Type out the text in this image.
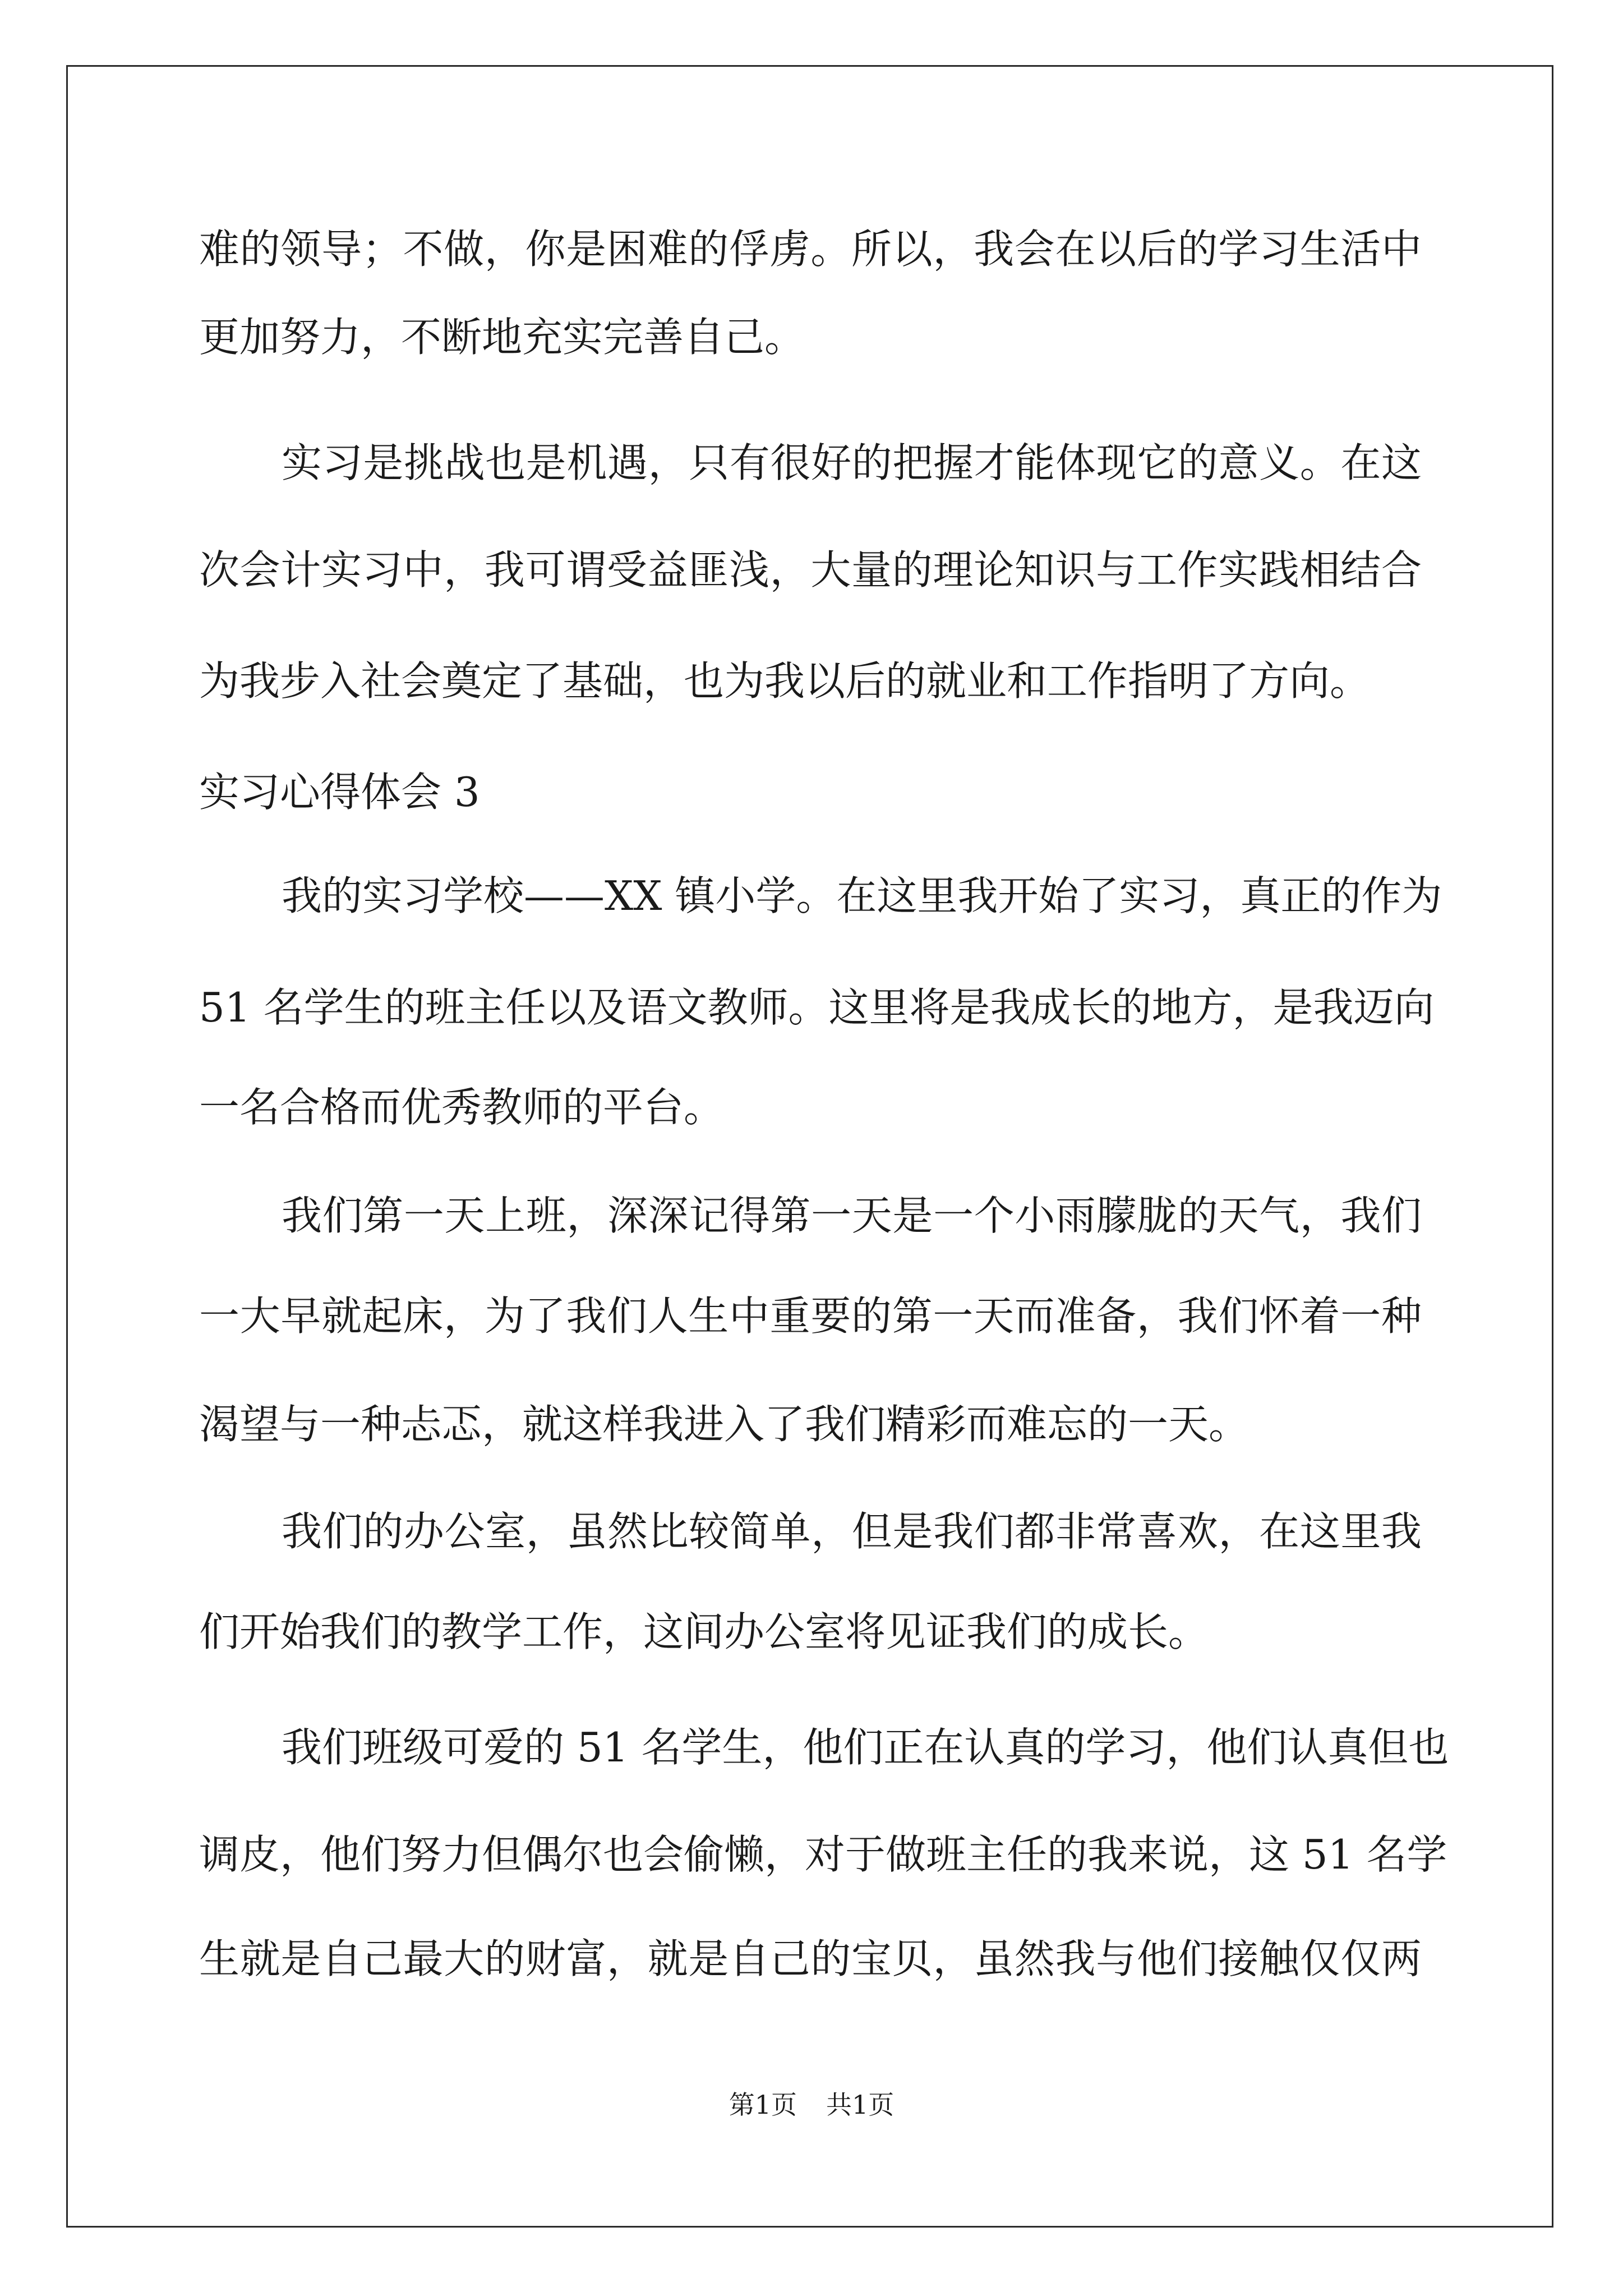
难的领导；不做，你是困难的俘虏。所以，我会在以后的学习生活中
更加努力，不断地充实完善自己。
实习是挑战也是机遇，只有很好的把握才能体现它的意义。在这
次会计实习中，我可谓受益匪浅，大量的理论知识与工作实践相结合
为我步入社会奠定了基础，也为我以后的就业和工作指明了方向。
实习心得体会 3
我的实习学校——XX 镇小学。在这里我开始了实习，真正的作为
51 名学生的班主任以及语文教师。这里将是我成长的地方，是我迈向
一名合格而优秀教师的平台。
我们第一天上班，深深记得第一天是一个小雨朦胧的天气，我们
一大早就起床，为了我们人生中重要的第一天而准备，我们怀着一种
渴望与一种忐忑，就这样我进入了我们精彩而难忘的一天。
我们的办公室，虽然比较简单，但是我们都非常喜欢，在这里我
们开始我们的教学工作，这间办公室将见证我们的成长。
我们班级可爱的 51 名学生，他们正在认真的学习，他们认真但也
调皮，他们努力但偶尔也会偷懒，对于做班主任的我来说，这 51 名学
生就是自己最大的财富，就是自己的宝贝，虽然我与他们接触仅仅两
第1页 共1页
